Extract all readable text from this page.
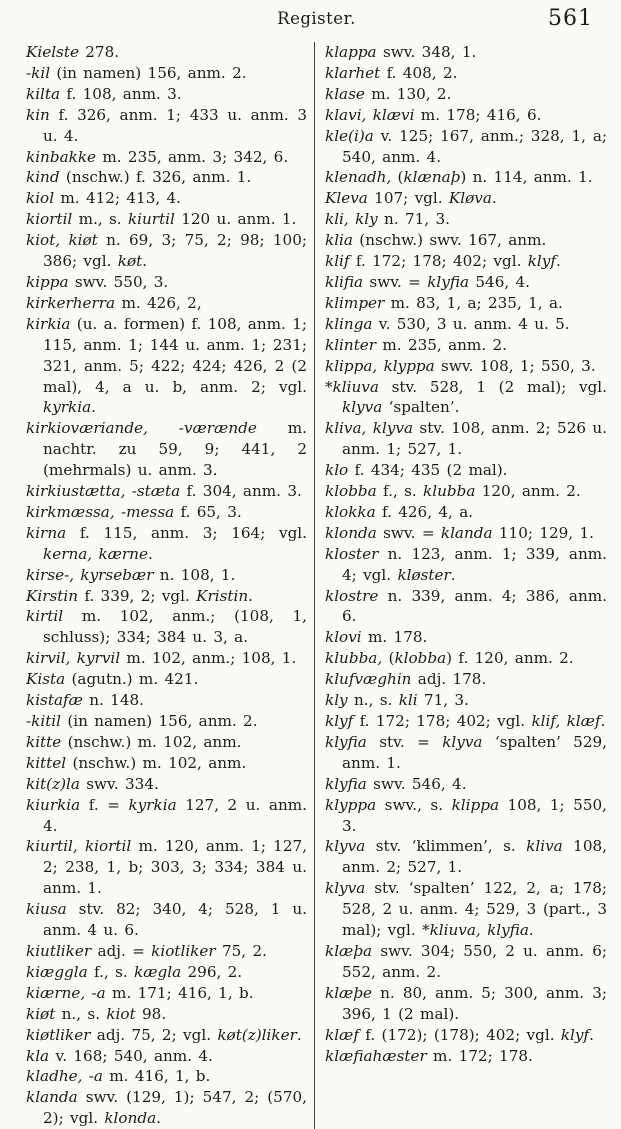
Register.	561

Kielste 278.

-kil (in namen) 156, anm. 2.

kilta f. 108, anm. 3.

kin f. 326, anm. 1; 433 u. anm. 3 u. 4.

kinbakke m. 235, anm. 3; 342, 6.

kind (nschw.) f. 326, anm. 1.

kiol m. 412; 413, 4.

kiortil m., s. kiurtil 120 u. anm. 1.

kiot, kiøt n. 69, 3; 75, 2; 98; 100; 386; vgl. køt.

kippa swv. 550, 3.

kirkerherra m. 426, 2,

kirkia (u. a. formen) f. 108, anm. 1; 115, anm. 1; 144 u. anm. 1; 231; 321, anm. 5; 422; 424; 426, 2 (2 mal), 4, a u. b, anm. 2; vgl. kyrkia.

kirkioværiande, -værænde m. nachtr. zu 59, 9; 441, 2 (mehrmals) u. anm. 3.

kirkiustætta, -stæta f. 304, anm. 3.

kirkmæssa, -messa f. 65, 3.

kirna f. 115, anm. 3; 164; vgl. kerna, kærne.

kirse-, kyrsebær n. 108, 1.

Kirstin f. 339, 2; vgl. Kristin.

kirtil m. 102, anm.; (108, 1, schluss); 334; 384 u. 3, a.

kirvil, kyrvil m. 102, anm.; 108, 1.

Kista (agutn.) m. 421.

kistafæ n. 148.

-kitil (in namen) 156, anm. 2.

kitte (nschw.) m. 102, anm.

kittel (nschw.) m. 102, anm.

kit(z)la swv. 334.

kiurkia f. = kyrkia 127, 2 u. anm. 4.

kiurtil, kiortil m. 120, anm. 1; 127, 2; 238, 1, b; 303, 3; 334; 384 u. anm. 1.

kiusa stv. 82; 340, 4; 528, 1 u. anm. 4 u. 6.

kiutliker adj. = kiotliker 75, 2.

kiæggla f., s. kægla 296, 2.

kiærne, -a m. 171; 416, 1, b.

kiøt n., s. kiot 98.

kiøtliker adj. 75, 2; vgl. køt(z)liker.

kla v. 168; 540, anm. 4.

kladhe, -a m. 416, 1, b.

klanda swv. (129, 1); 547, 2; (570, 2); vgl. klonda.

klappa swv. 348, 1.

klarhet f. 408, 2.

klase m. 130, 2.

klavi, klævi m. 178; 416, 6.

kle(i)a v. 125; 167, anm.; 328, 1, a; 540, anm. 4.

klenadh, (klænaþ) n. 114, anm. 1.

Kleva 107; vgl. Kløva.

kli, kly n. 71, 3.

klia (nschw.) swv. 167, anm.

klif f. 172; 178; 402; vgl. klyf.

klifia swv. = klyfia 546, 4.

klimper m. 83, 1, a; 235, 1, a.

klinga v. 530, 3 u. anm. 4 u. 5.

klinter m. 235, anm. 2.

klippa, klyppa swv. 108, 1; 550, 3.

*kliuva stv. 528, 1 (2 mal); vgl. klyva ‘spalten’.

kliva, klyva stv. 108, anm. 2; 526 u. anm. 1; 527, 1.

klo f. 434; 435 (2 mal).

klobba f., s. klubba 120, anm. 2.

klokka f. 426, 4, a.

klonda swv. = klanda 110; 129, 1.

kloster n. 123, anm. 1; 339, anm. 4; vgl. kløster.

klostre n. 339, anm. 4; 386, anm. 6.

klovi m. 178.

klubba, (klobba) f. 120, anm. 2.

klufvæghin adj. 178.

kly n., s. kli 71, 3.

klyf f. 172; 178; 402; vgl. klif, klæf.

klyfia stv. = klyva ‘spalten’ 529, anm. 1.

klyfia swv. 546, 4.

klyppa swv., s. klippa 108, 1; 550, 3.

klyva stv. ‘klimmen’, s. kliva 108, anm. 2; 527, 1.

klyva stv. ‘spalten’ 122, 2, a; 178; 528, 2 u. anm. 4; 529, 3 (part., 3 mal); vgl. *kliuva, klyfia.

klæþa swv. 304; 550, 2 u. anm. 6; 552, anm. 2.

klæþe n. 80, anm. 5; 300, anm. 3; 396, 1 (2 mal).

klæf f. (172); (178); 402; vgl. klyf.

klæfiahæster m. 172; 178.
